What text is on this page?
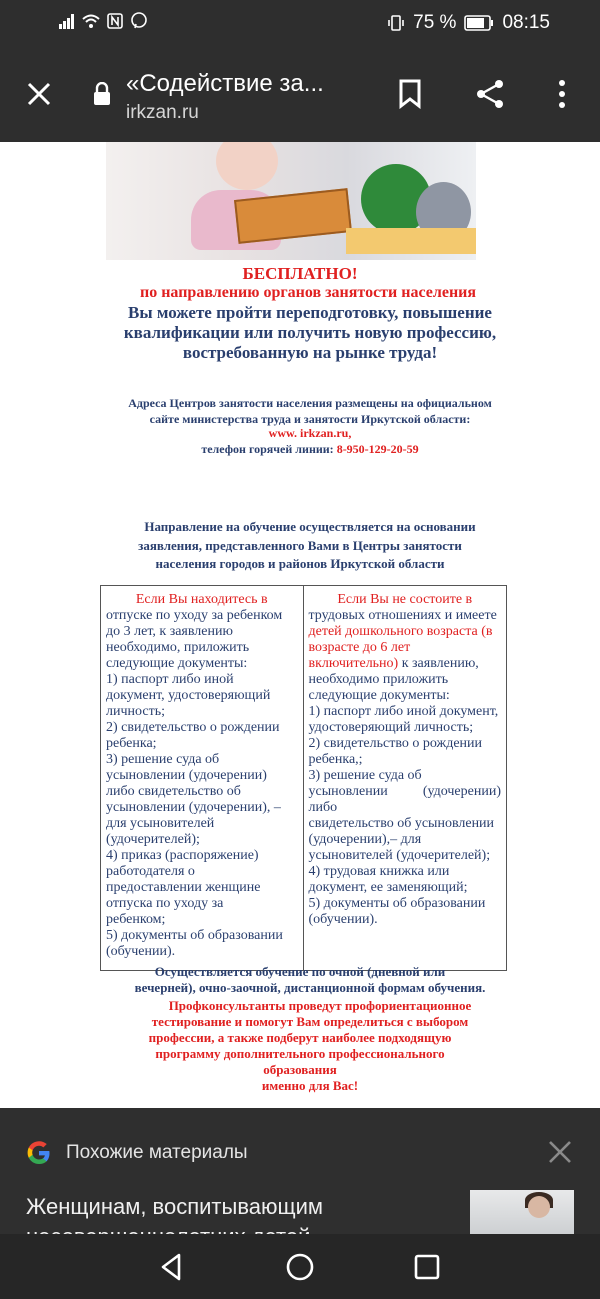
75 % 08:15
«Содействие за...
irkzan.ru
БЕСПЛАТНО!
по направлению органов занятости населения
Вы можете пройти переподготовку, повышение
квалификации или получить новую профессию,
востребованную на рынке труда!
Адреса Центров занятости населения размещены на официальном
сайте министерства труда и занятости Иркутской области:
www. irkzan.ru,
телефон горячей линии: 8-950-129-20-59
Направление на обучение осуществляется на основании
заявления, представленного Вами в Центры занятости
населения городов и районов Иркутской области

Если Вы находитесь в

отпуске по уходу за ребенком

до 3 лет, к заявлению

необходимо, приложить

следующие документы:

1) паспорт либо иной

документ, удостоверяющий

личность;

2) свидетельство о рождении

ребенка;

3) решение суда об

усыновлении (удочерении)

либо свидетельство об

усыновлении (удочерении), –

для усыновителей

(удочерителей);

4) приказ (распоряжение)

работодателя о

предоставлении женщине

отпуска по уходу за

ребенком;

5) документы об образовании

(обучении).

Если Вы не состоите в

трудовых отношениях и имеете

детей дошкольного возраста (в

возрасте до 6 лет

включительно) к заявлению,

необходимо приложить

следующие документы:

1) паспорт либо иной документ,

удостоверяющий личность;

2) свидетельство о рождении

ребенка,;

3) решение суда об

усыновлении (удочерении) либо

свидетельство об усыновлении

(удочерении),– для

усыновителей (удочерителей);

4) трудовая книжка или

документ, ее заменяющий;

5) документы об образовании

(обучении).

Осуществляется обучение по очной (дневной или
вечерней), очно-заочной, дистанционной формам обучения.
Профконсультанты проведут профориентационное
тестирование и помогут Вам определиться с выбором
профессии, а также подберут наиболее подходящую
программу дополнительного профессионального
образования
именно для Вас!
Похожие материалы
Женщинам, воспитывающим
